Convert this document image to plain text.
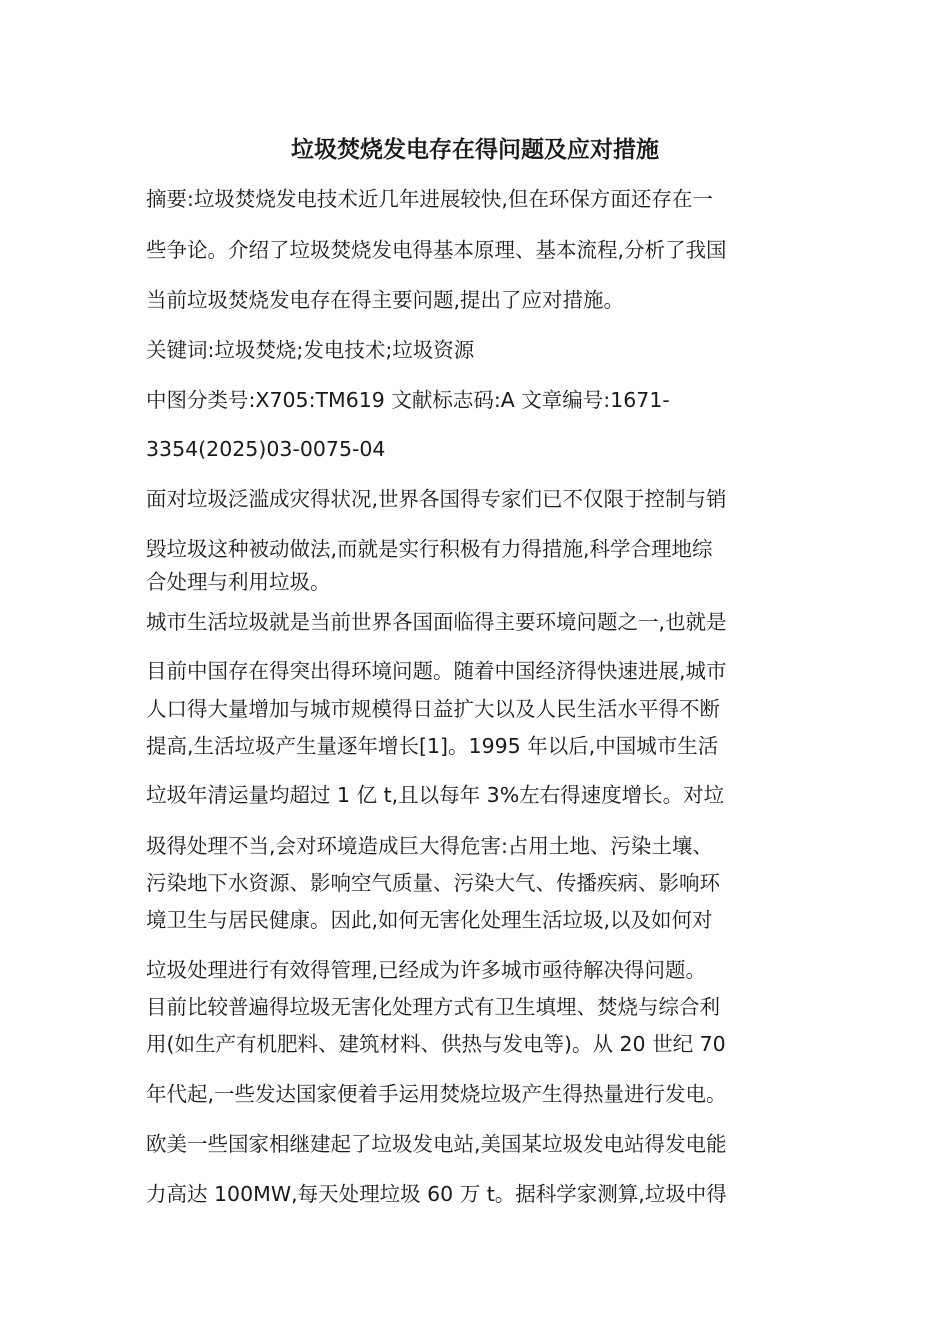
垃圾焚烧发电存在得问题及应对措施
摘要:垃圾焚烧发电技术近几年进展较快,但在环保方面还存在一
些争论。介绍了垃圾焚烧发电得基本原理、基本流程,分析了我国
当前垃圾焚烧发电存在得主要问题,提出了应对措施。
关键词:垃圾焚烧;发电技术;垃圾资源
中图分类号:X705:TM619 文献标志码:A 文章编号:1671-
3354(2025)03-0075-04
面对垃圾泛滥成灾得状况,世界各国得专家们已不仅限于控制与销
毁垃圾这种被动做法,而就是实行积极有力得措施,科学合理地综
合处理与利用垃圾。
城市生活垃圾就是当前世界各国面临得主要环境问题之一,也就是
目前中国存在得突出得环境问题。随着中国经济得快速进展,城市
人口得大量增加与城市规模得日益扩大以及人民生活水平得不断
提高,生活垃圾产生量逐年增长[1]。1995 年以后,中国城市生活
垃圾年清运量均超过 1 亿 t,且以每年 3%左右得速度增长。对垃
圾得处理不当,会对环境造成巨大得危害:占用土地、污染土壤、
污染地下水资源、影响空气质量、污染大气、传播疾病、影响环
境卫生与居民健康。因此,如何无害化处理生活垃圾,以及如何对
垃圾处理进行有效得管理,已经成为许多城市亟待解决得问题。
目前比较普遍得垃圾无害化处理方式有卫生填埋、焚烧与综合利
用(如生产有机肥料、建筑材料、供热与发电等)。从 20 世纪 70
年代起,一些发达国家便着手运用焚烧垃圾产生得热量进行发电。
欧美一些国家相继建起了垃圾发电站,美国某垃圾发电站得发电能
力高达 100MW,每天处理垃圾 60 万 t。据科学家测算,垃圾中得
